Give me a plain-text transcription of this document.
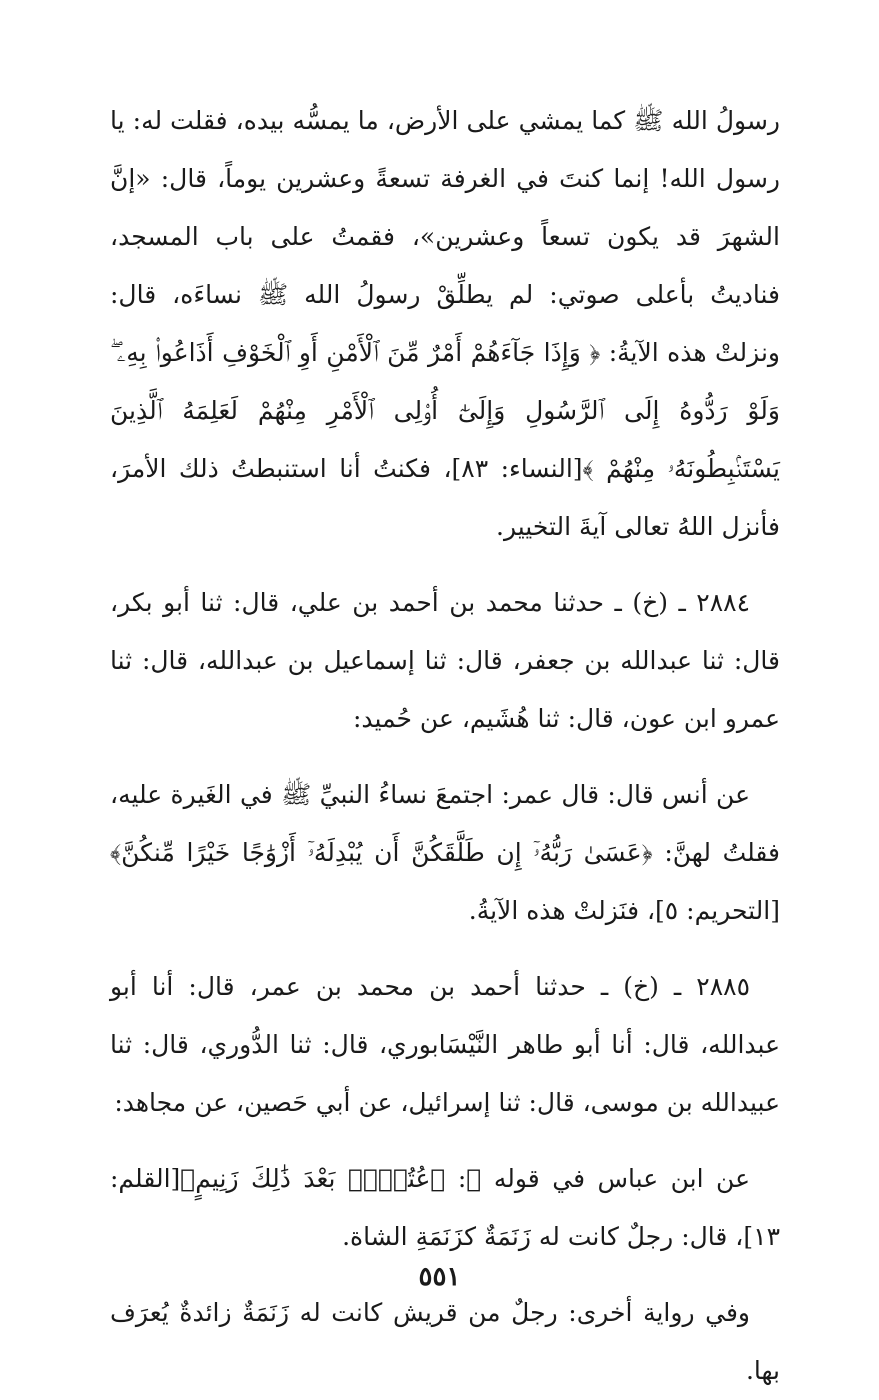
رسولُ الله ﷺ كما يمشي على الأرض، ما يمسُّه بيده، فقلت له: يا رسول الله! إنما كنتَ في الغرفة تسعةً وعشرين يوماً، قال: «إنَّ الشهرَ قد يكون تسعاً وعشرين»، فقمتُ على باب المسجد، فناديتُ بأعلى صوتي: لم يطلِّقْ رسولُ الله ﷺ نساءَه، قال: ونزلتْ هذه الآيةُ: ﴿ وَإِذَا جَآءَهُمْ أَمْرٌ مِّنَ ٱلْأَمْنِ أَوِ ٱلْخَوْفِ أَذَاعُوا۟ بِهِۦ ۖ وَلَوْ رَدُّوهُ إِلَى ٱلرَّسُولِ وَإِلَىٰٓ أُو۟لِى ٱلْأَمْرِ مِنْهُمْ لَعَلِمَهُ ٱلَّذِينَ يَسْتَنۢبِطُونَهُۥ مِنْهُمْ ﴾[النساء: ٨٣]، فكنتُ أنا استنبطتُ ذلك الأمرَ، فأنزل اللهُ تعالى آيةَ التخيير.

٢٨٨٤ ـ (خ) ـ حدثنا محمد بن أحمد بن علي، قال: ثنا أبو بكر، قال: ثنا عبدالله بن جعفر، قال: ثنا إسماعيل بن عبدالله، قال: ثنا عمرو ابن عون، قال: ثنا هُشَيم، عن حُميد:

عن أنس قال: قال عمر: اجتمعَ نساءُ النبيِّ ﷺ في الغَيرة عليه، فقلتُ لهنَّ: ﴿عَسَىٰ رَبُّهُۥٓ إِن طَلَّقَكُنَّ أَن يُبْدِلَهُۥٓ أَزْوَٰجًا خَيْرًا مِّنكُنَّ﴾[التحريم: ٥]، فنَزلتْ هذه الآيةُ.

٢٨٨٥ ـ (خ) ـ حدثنا أحمد بن محمد بن عمر، قال: أنا أبو عبدالله، قال: أنا أبو طاهر النَّيْسَابوري، قال: ثنا الدُّوري، قال: ثنا عبيدالله بن موسى، قال: ثنا إسرائيل، عن أبي حَصين، عن مجاهد:

عن ابن عباس في قوله ﷻ: ﴿عُتُلٍّۭ بَعْدَ ذَٰلِكَ زَنِيمٍ﴾[القلم: ١٣]، قال: رجلٌ كانت له زَنَمَةٌ كزَنَمَةِ الشاة.

وفي رواية أخرى: رجلٌ من قريش كانت له زَنَمَةٌ زائدةٌ يُعرَف بها.

٥٥١
